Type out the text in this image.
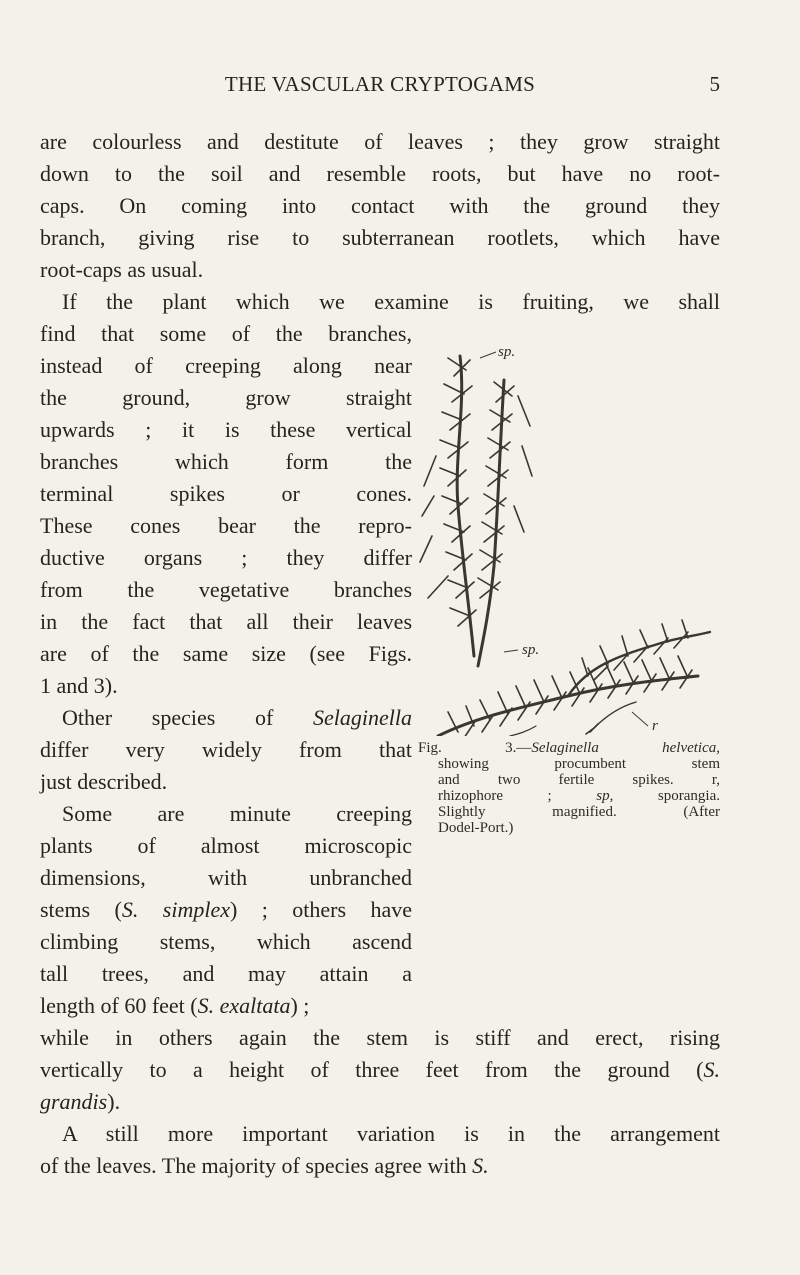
THE VASCULAR CRYPTOGAMS	5
are colourless and destitute of leaves ; they grow straight
down to the soil and resemble roots, but have no root-
caps. On coming into contact with the ground they
branch, giving rise to subterranean rootlets, which have
root-caps as usual.
If the plant which we examine is fruiting, we shall
find that some of the branches,
instead of creeping along near
the ground, grow straight
upwards ; it is these vertical
branches which form the
terminal spikes or cones.
These cones bear the repro-
ductive organs ; they differ
from the vegetative branches
in the fact that all their leaves
are of the same size (see Figs.
1 and 3).
Other species of Selaginella
differ very widely from that
just described.
Some are minute creeping
plants of almost microscopic
dimensions, with unbranched
stems (S. simplex) ; others have
climbing stems, which ascend
tall trees, and may attain a
length of 60 feet (S. exaltata) ;
while in others again the stem is stiff and erect, rising
vertically to a height of three feet from the ground (S.
grandis).
A still more important variation is in the arrangement
of the leaves. The majority of species agree with S.
sp.
sp.
r
Fig. 3.—Selaginella helvetica,
showing procumbent stem
and two fertile spikes. r,
rhizophore ; sp, sporangia.
Slightly magnified. (After
Dodel-Port.)
